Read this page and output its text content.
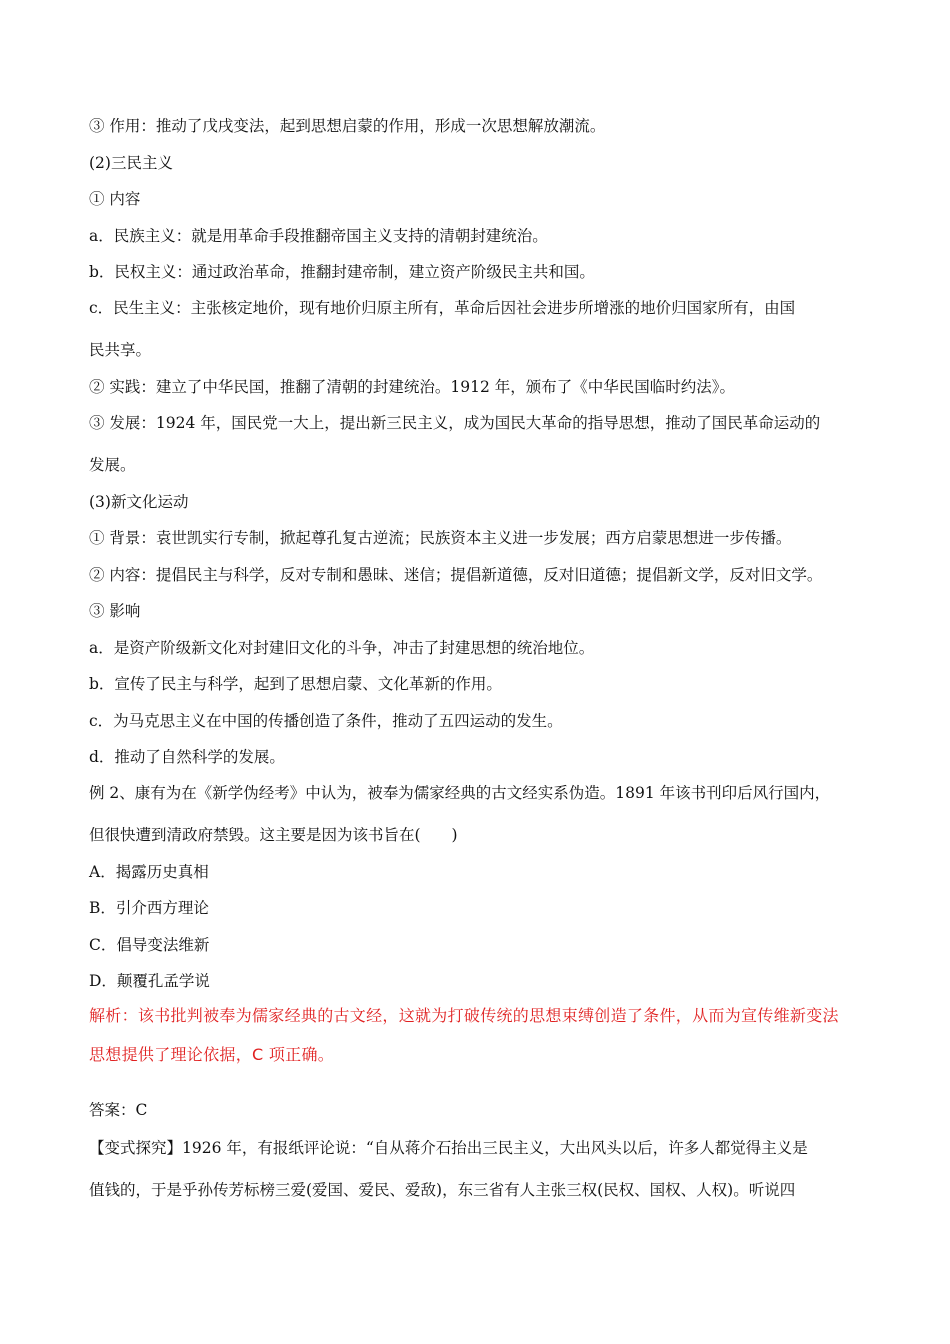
③ 作用：推动了戊戌变法，起到思想启蒙的作用，形成一次思想解放潮流。
(2)三民主义
① 内容
a．民族主义：就是用革命手段推翻帝国主义支持的清朝封建统治。
b．民权主义：通过政治革命，推翻封建帝制，建立资产阶级民主共和国。
c．民生主义：主张核定地价，现有地价归原主所有，革命后因社会进步所增涨的地价归国家所有，由国
民共享。
② 实践：建立了中华民国，推翻了清朝的封建统治。1912 年，颁布了《中华民国临时约法》。
③ 发展：1924 年，国民党一大上，提出新三民主义，成为国民大革命的指导思想，推动了国民革命运动的
发展。
(3)新文化运动
① 背景：袁世凯实行专制，掀起尊孔复古逆流；民族资本主义进一步发展；西方启蒙思想进一步传播。
② 内容：提倡民主与科学，反对专制和愚昧、迷信；提倡新道德，反对旧道德；提倡新文学，反对旧文学。
③ 影响
a．是资产阶级新文化对封建旧文化的斗争，冲击了封建思想的统治地位。
b．宣传了民主与科学，起到了思想启蒙、文化革新的作用。
c．为马克思主义在中国的传播创造了条件，推动了五四运动的发生。
d．推动了自然科学的发展。
例 2、康有为在《新学伪经考》中认为，被奉为儒家经典的古文经实系伪造。1891 年该书刊印后风行国内，
但很快遭到清政府禁毁。这主要是因为该书旨在(　　)
A．揭露历史真相
B．引介西方理论
C．倡导变法维新
D．颠覆孔孟学说
解析：该书批判被奉为儒家经典的古文经，这就为打破传统的思想束缚创造了条件，从而为宣传维新变法
思想提供了理论依据，C 项正确。
答案：C
【变式探究】1926 年，有报纸评论说：“自从蒋介石抬出三民主义，大出风头以后，许多人都觉得主义是
值钱的，于是乎孙传芳标榜三爱(爱国、爱民、爱敌)，东三省有人主张三权(民权、国权、人权)。听说四
